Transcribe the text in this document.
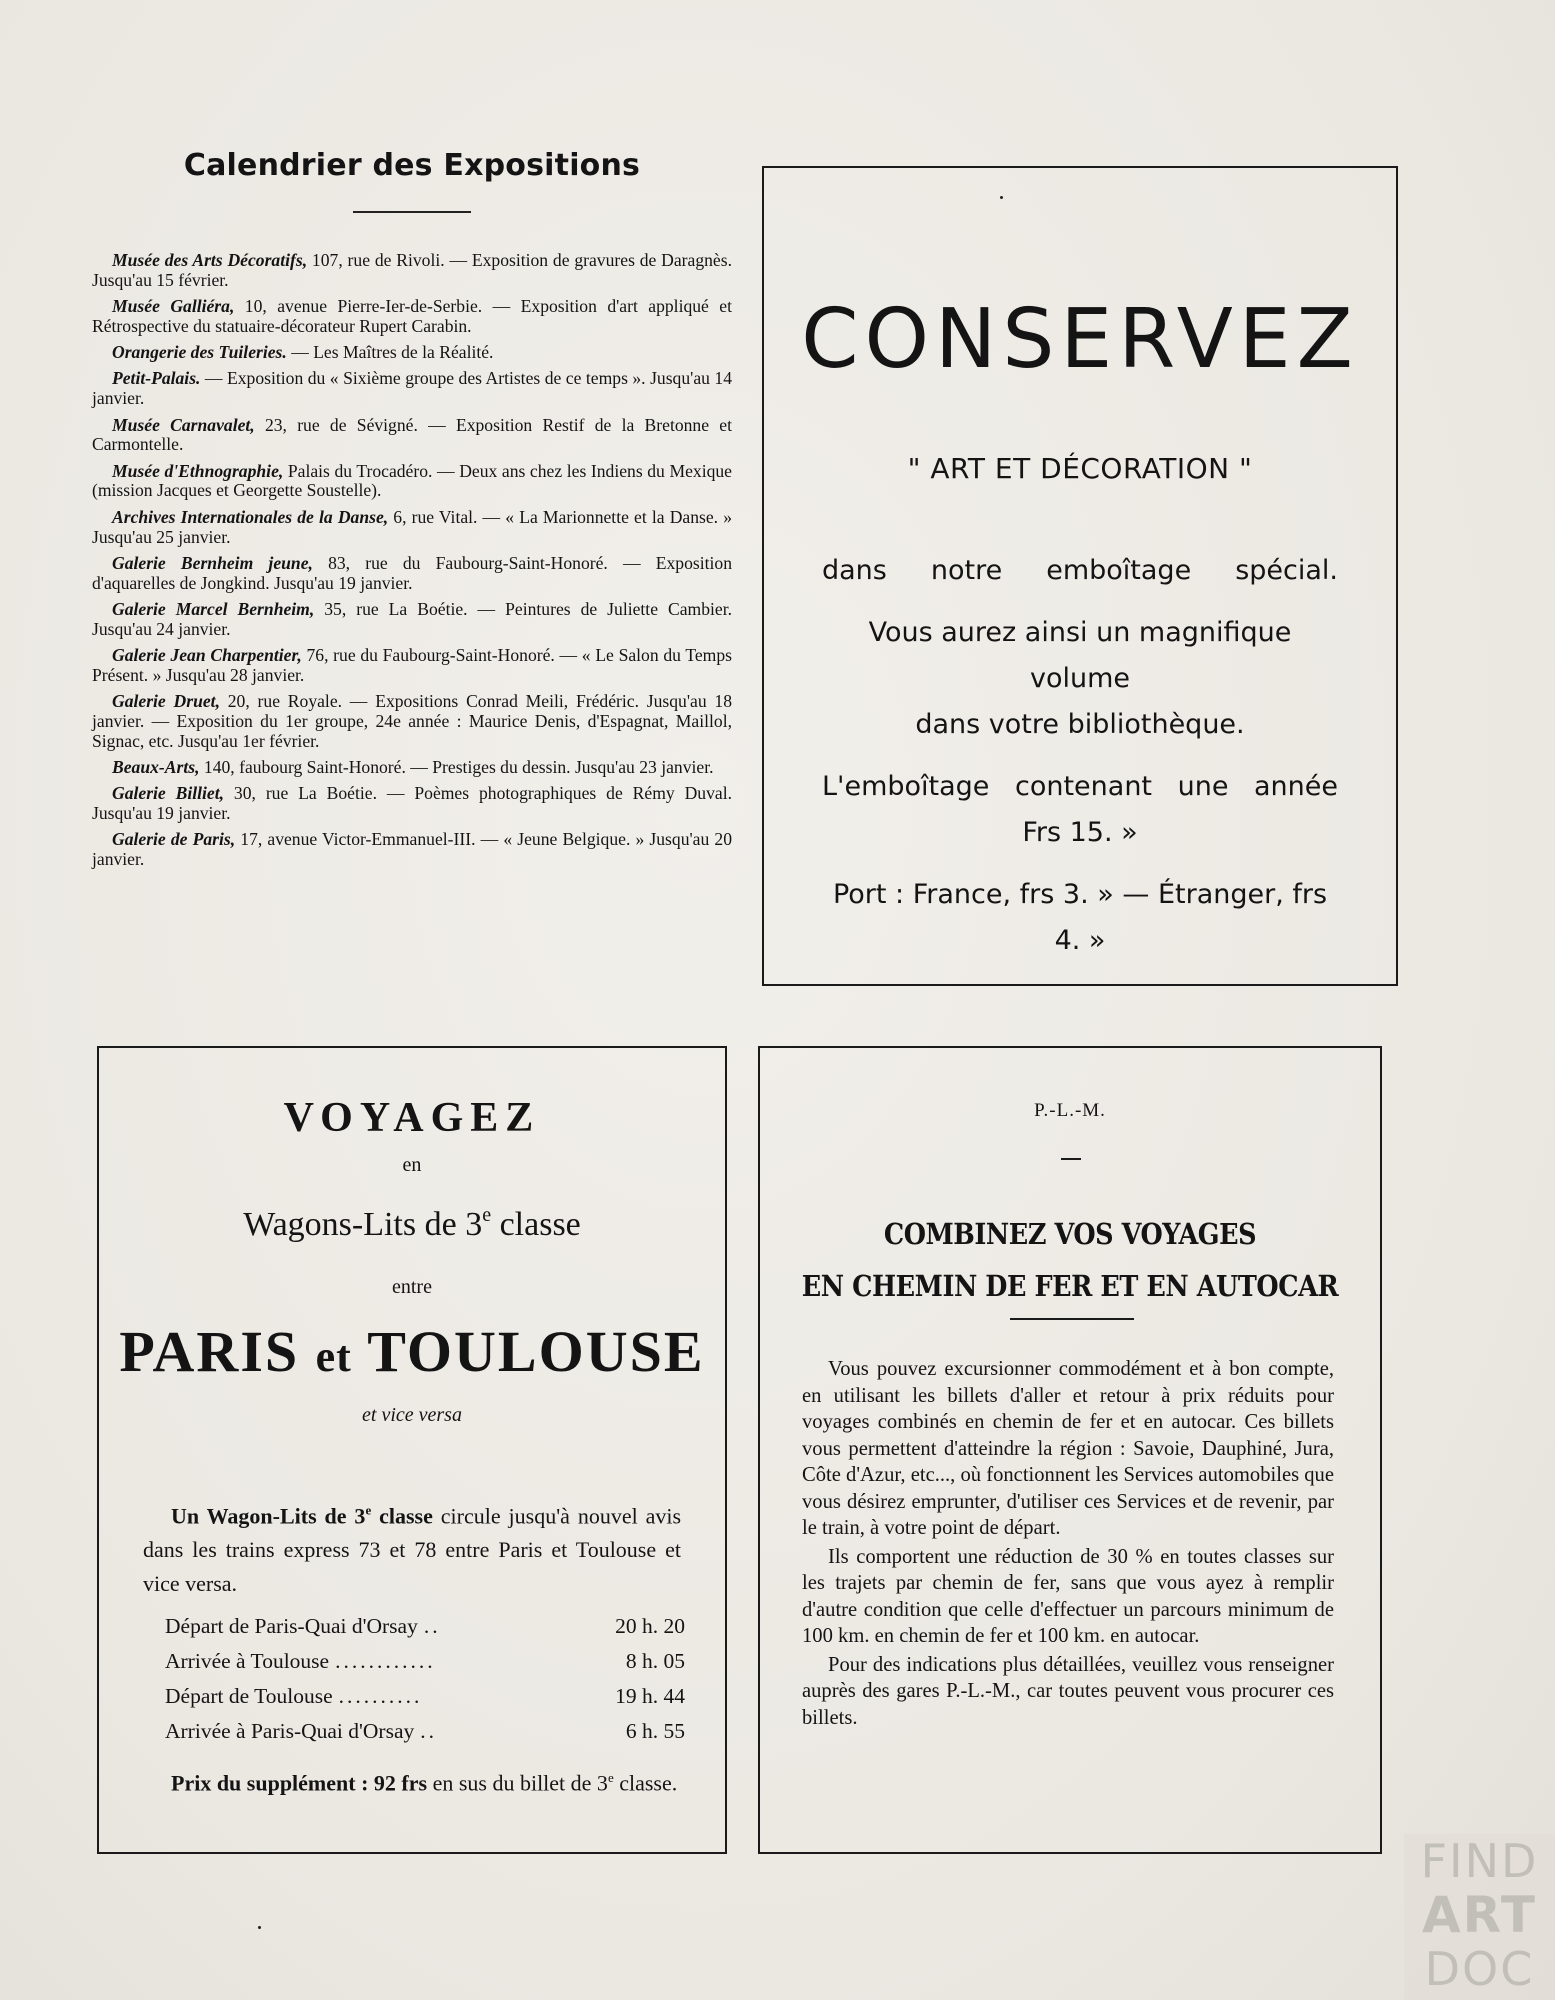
Calendrier des Expositions
Musée des Arts Décoratifs, 107, rue de Rivoli. — Exposition de gravures de Daragnès. Jusqu'au 15 février.
Musée Galliéra, 10, avenue Pierre-Ier-de-Serbie. — Exposition d'art appliqué et Rétrospective du statuaire-décorateur Rupert Carabin.
Orangerie des Tuileries. — Les Maîtres de la Réalité.
Petit-Palais. — Exposition du « Sixième groupe des Artistes de ce temps ». Jusqu'au 14 janvier.
Musée Carnavalet, 23, rue de Sévigné. — Exposition Restif de la Bretonne et Carmontelle.
Musée d'Ethnographie, Palais du Trocadéro. — Deux ans chez les Indiens du Mexique (mission Jacques et Georgette Soustelle).
Archives Internationales de la Danse, 6, rue Vital. — « La Marionnette et la Danse. » Jusqu'au 25 janvier.
Galerie Bernheim jeune, 83, rue du Faubourg-Saint-Honoré. — Exposition d'aquarelles de Jongkind. Jusqu'au 19 janvier.
Galerie Marcel Bernheim, 35, rue La Boétie. — Peintures de Juliette Cambier. Jusqu'au 24 janvier.
Galerie Jean Charpentier, 76, rue du Faubourg-Saint-Honoré. — « Le Salon du Temps Présent. » Jusqu'au 28 janvier.
Galerie Druet, 20, rue Royale. — Expositions Conrad Meili, Frédéric. Jusqu'au 18 janvier. — Exposition du 1er groupe, 24e année : Maurice Denis, d'Espagnat, Maillol, Signac, etc. Jusqu'au 1er février.
Beaux-Arts, 140, faubourg Saint-Honoré. — Prestiges du dessin. Jusqu'au 23 janvier.
Galerie Billiet, 30, rue La Boétie. — Poèmes photographiques de Rémy Duval. Jusqu'au 19 janvier.
Galerie de Paris, 17, avenue Victor-Emmanuel-III. — « Jeune Belgique. » Jusqu'au 20 janvier.
CONSERVEZ
" ART ET DÉCORATION "

dans notre emboîtage spécial.

Vous aurez ainsi un magnifique volume

dans votre bibliothèque.

L'emboîtage contenant une année

Frs 15. »

Port : France, frs 3. » — Étranger, frs 4. »

VOYAGEZ
en
Wagons-Lits de 3e classe
entre
PARIS et TOULOUSE
et vice versa
Un Wagon-Lits de 3e classe circule jusqu'à nouvel avis dans les trains express 73 et 78 entre Paris et Toulouse et vice versa.
Départ de Paris-Quai d'Orsay ..	20 h. 20
Arrivée à Toulouse ............	8 h. 05
Départ de Toulouse ..........	19 h. 44
Arrivée à Paris-Quai d'Orsay ..	6 h. 55
Prix du supplément : 92 frs en sus du billet de 3e classe.
P.-L.-M.
COMBINEZ VOS VOYAGES
EN CHEMIN DE FER ET EN AUTOCAR

Vous pouvez excursionner commodément et à bon compte, en utilisant les billets d'aller et retour à prix réduits pour voyages combinés en chemin de fer et en autocar. Ces billets vous permettent d'atteindre la région : Savoie, Dauphiné, Jura, Côte d'Azur, etc..., où fonctionnent les Services automobiles que vous désirez emprunter, d'utiliser ces Services et de revenir, par le train, à votre point de départ.

Ils comportent une réduction de 30 % en toutes classes sur les trajets par chemin de fer, sans que vous ayez à remplir d'autre condition que celle d'effectuer un parcours minimum de 100 km. en chemin de fer et 100 km. en autocar.

Pour des indications plus détaillées, veuillez vous renseigner auprès des gares P.-L.-M., car toutes peuvent vous procurer ces billets.

FIND
ART
DOC
